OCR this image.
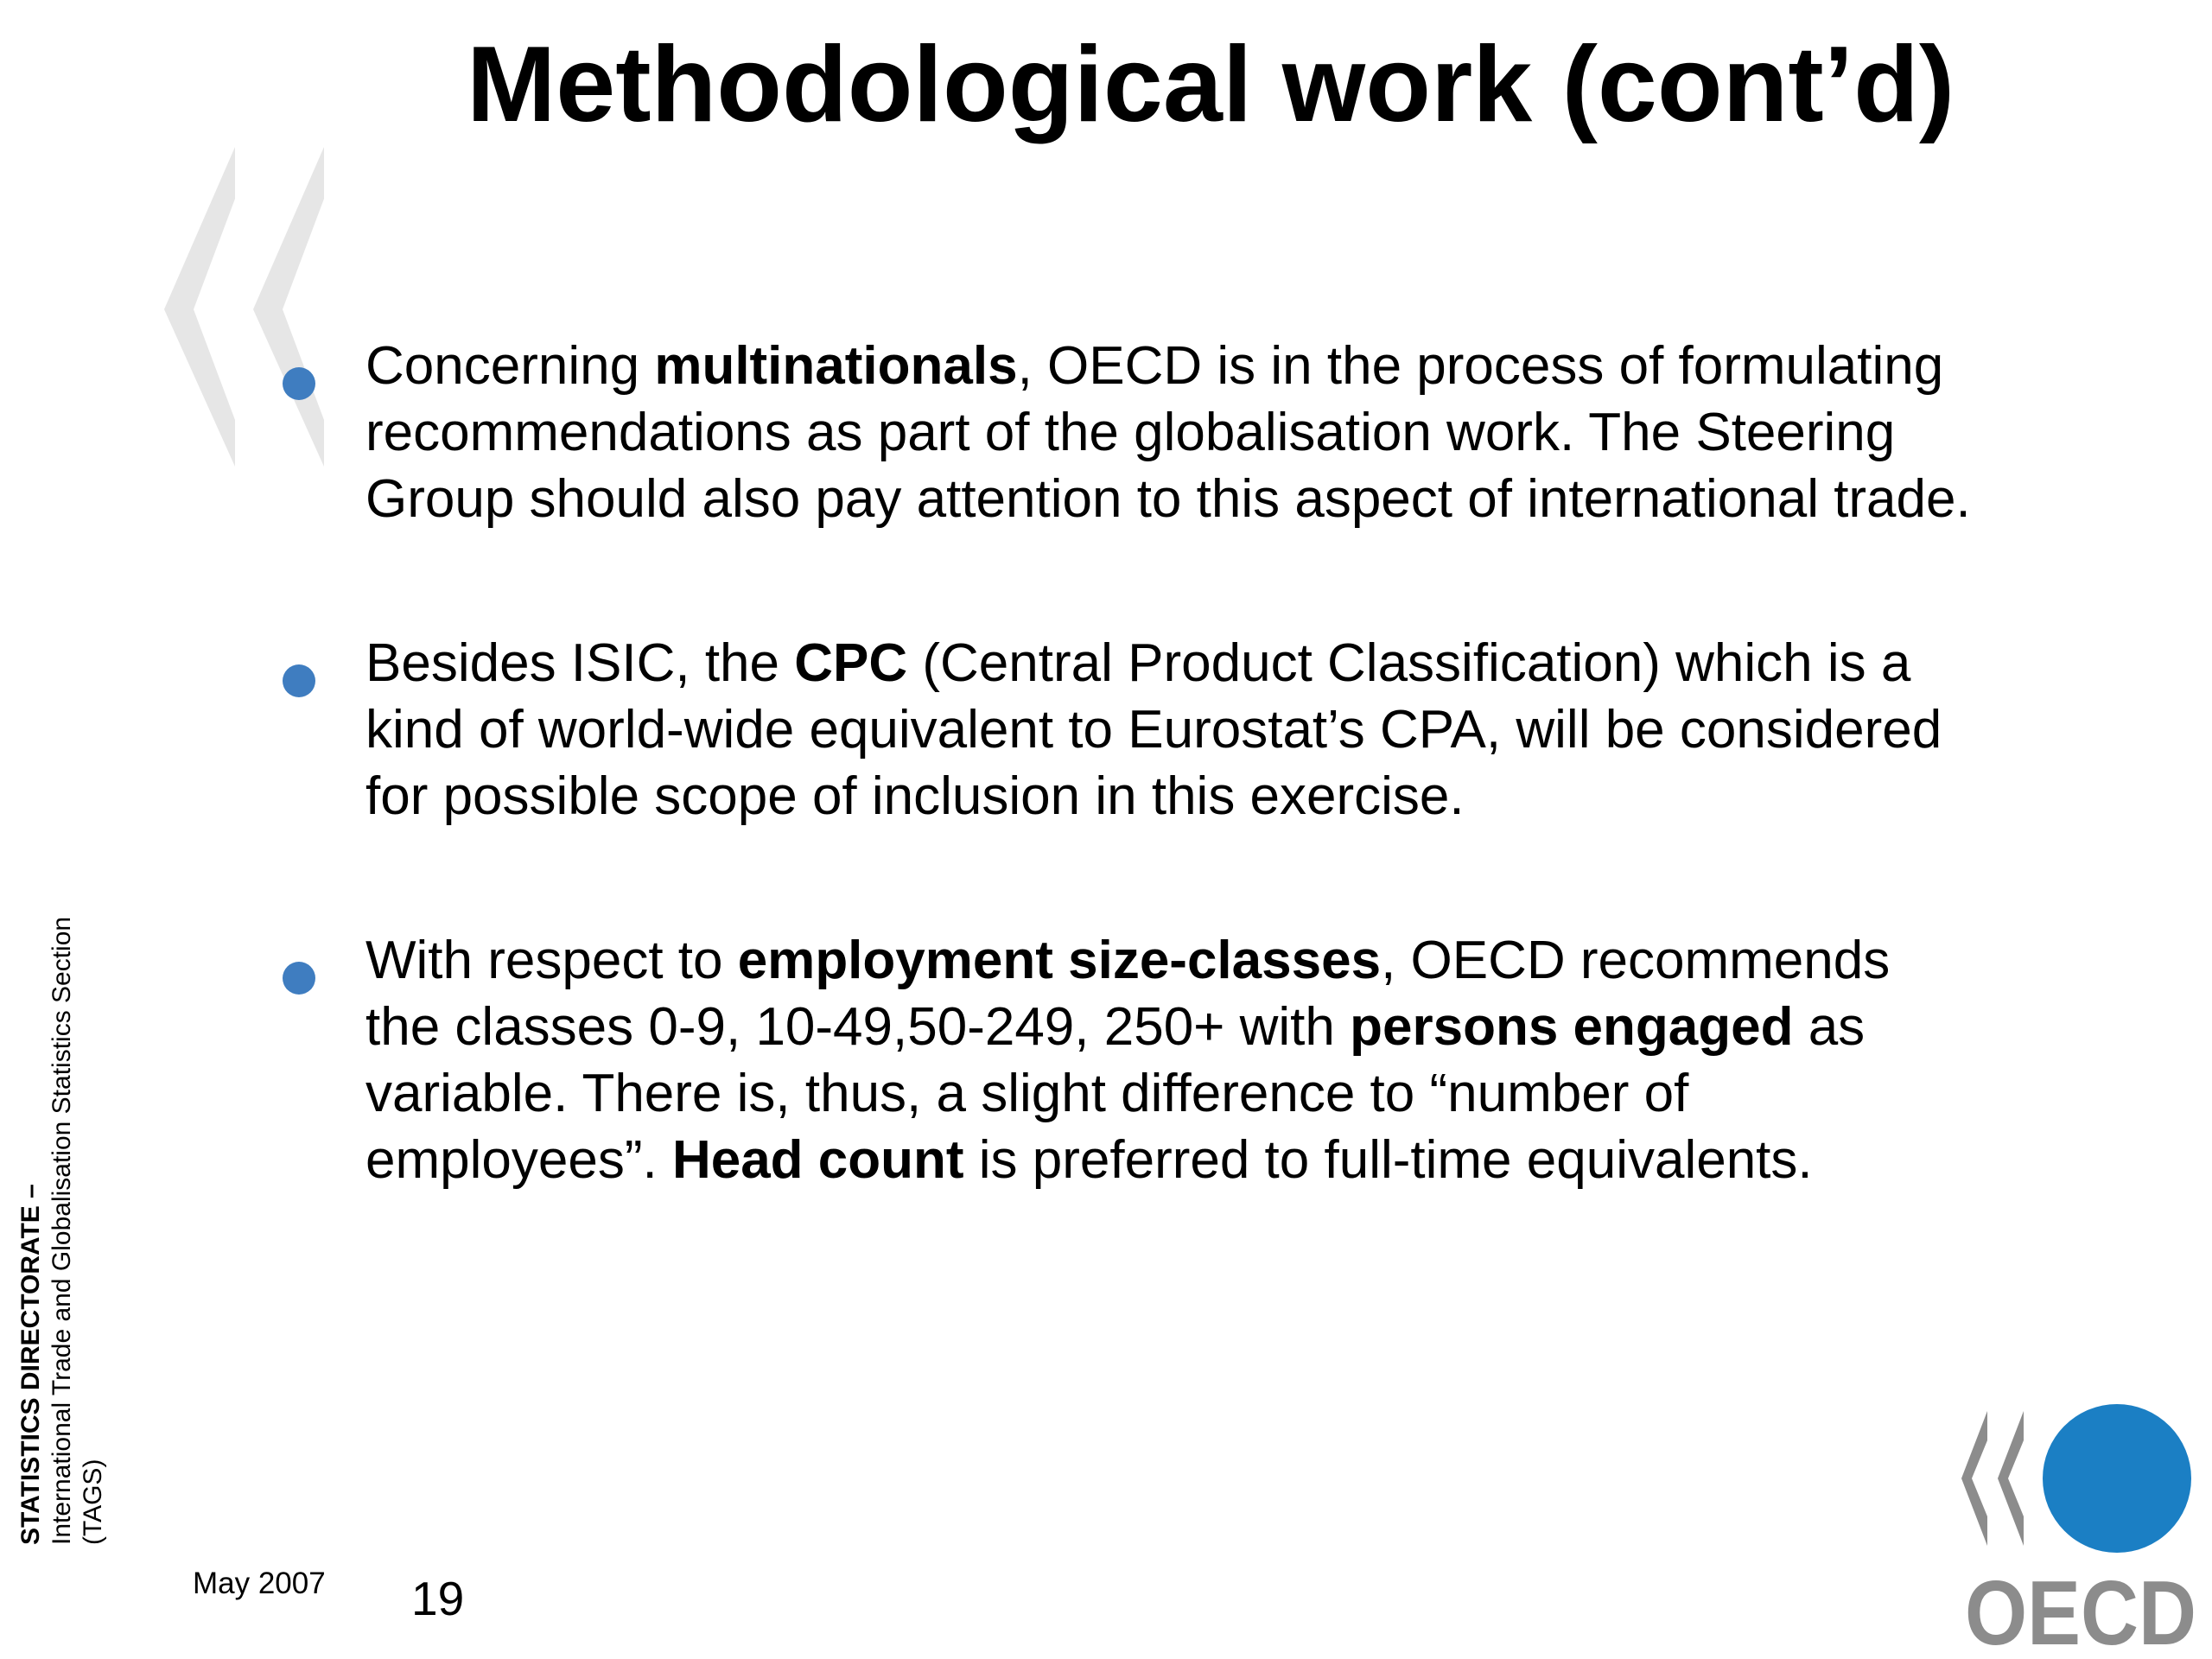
Methodological work (cont’d)
Concerning multinationals, OECD is in the process of formulating
recommendations as part of the globalisation work. The Steering
Group should also pay attention to this aspect of international trade.
Besides ISIC, the CPC (Central Product Classification) which is a
kind of world-wide equivalent to Eurostat’s CPA, will be considered
for possible scope of inclusion in this exercise.
With respect to employment size-classes, OECD recommends
the classes 0-9, 10-49,50-249, 250+ with persons engaged as
variable. There is, thus, a slight difference to “number of
employees”. Head count is preferred to full-time equivalents.
STATISTICS DIRECTORATE – International Trade and Globalisation Statistics Section (TAGS)
May 2007 19	OECD
